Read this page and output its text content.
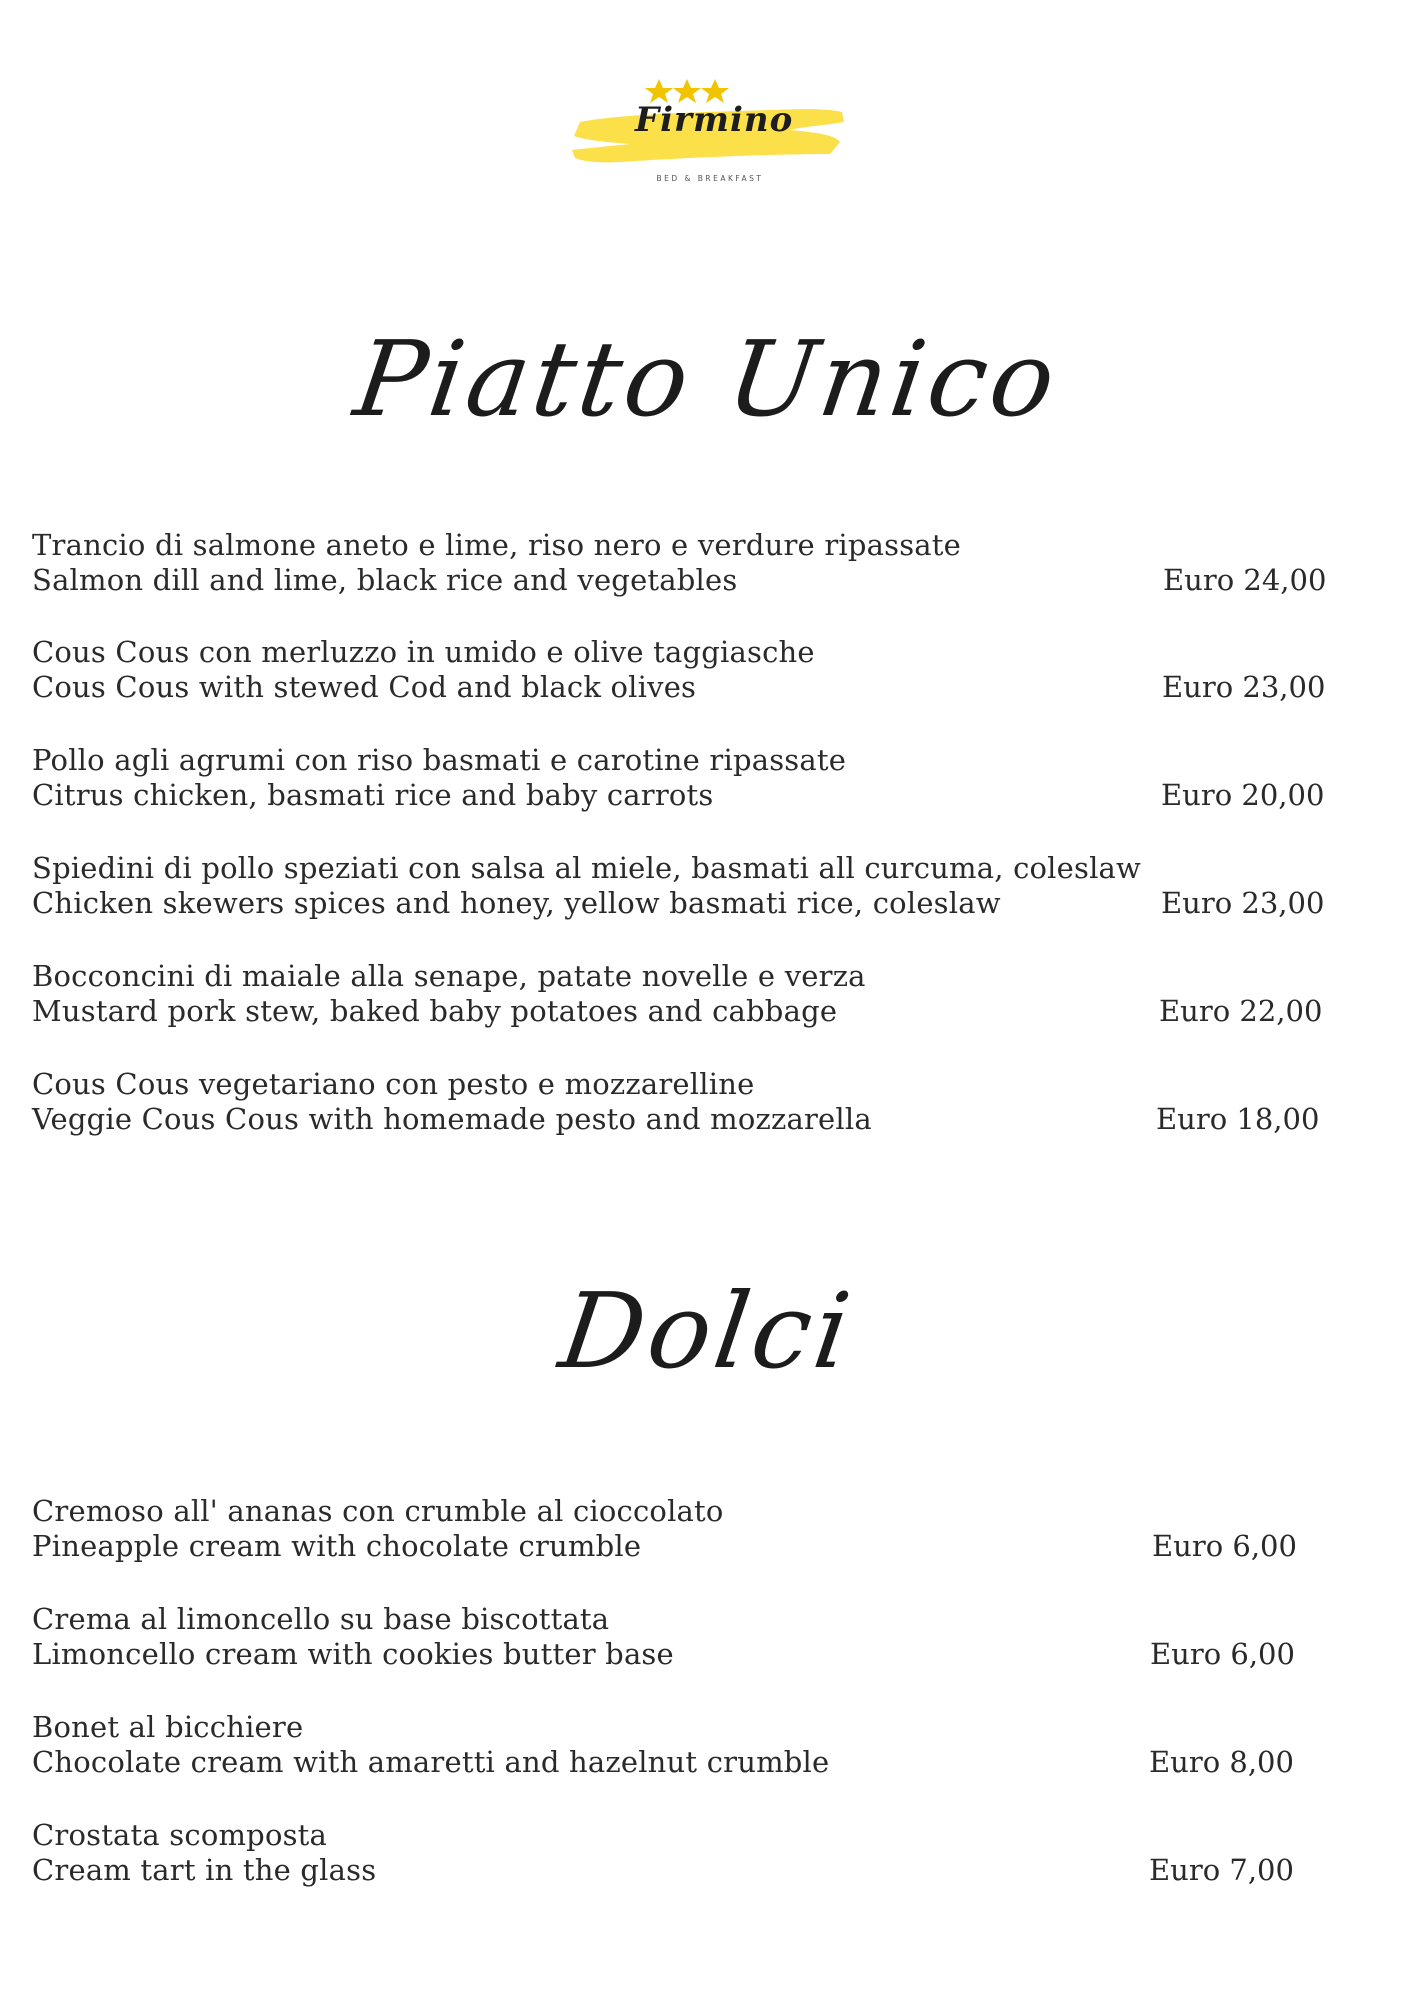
Firmino
BED & BREAKFAST
Piatto Unico
Trancio di salmone aneto e lime, riso nero e verdure ripassate
Salmon dill and lime, black rice and vegetables	Euro 24,00
Cous Cous con merluzzo in umido e olive taggiasche
Cous Cous with stewed Cod and black olives	Euro 23,00
Pollo agli agrumi con riso basmati e carotine ripassate
Citrus chicken, basmati rice and baby carrots	Euro 20,00
Spiedini di pollo speziati con salsa al miele, basmati all curcuma, coleslaw
Chicken skewers spices and honey, yellow basmati rice, coleslaw	Euro 23,00
Bocconcini di maiale alla senape, patate novelle e verza
Mustard pork stew, baked baby potatoes and cabbage	Euro 22,00
Cous Cous vegetariano con pesto e mozzarelline
Veggie Cous Cous with homemade pesto and mozzarella	Euro 18,00
Dolci
Cremoso all' ananas con crumble al cioccolato
Pineapple cream with chocolate crumble	Euro 6,00
Crema al limoncello su base biscottata
Limoncello cream with cookies butter base	Euro 6,00
Bonet al bicchiere
Chocolate cream with amaretti and hazelnut crumble	Euro 8,00
Crostata scomposta
Cream tart in the glass	Euro 7,00
